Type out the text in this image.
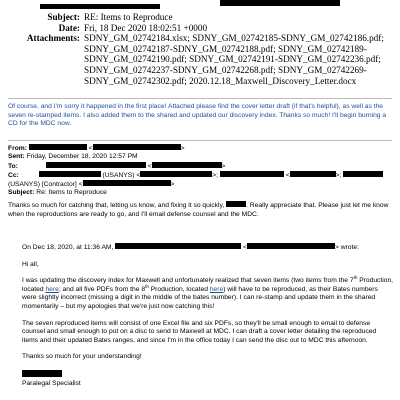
Subject: RE: Items to Reproduce
Date: Fri, 18 Dec 2020 18:02:51 +0000
Attachments: SDNY_GM_02742184.xlsx; SDNY_GM_02742185-SDNY_GM_02742186.pdf;
SDNY_GM_02742187-SDNY_GM_02742188.pdf; SDNY_GM_02742189-
SDNY_GM_02742190.pdf; SDNY_GM_02742191-SDNY_GM_02742236.pdf;
SDNY_GM_02742237-SDNY_GM_02742268.pdf; SDNY_GM_02742269-
SDNY_GM_02742302.pdf; 2020.12.18_Maxwell_Discovery_Letter.docx
Of course, and I'm sorry it happened in the first place! Attached please find the cover letter draft (if that's helpful), as well as the seven re-stamped items. I also added them to the shared and updated our discovery index. Thanks so much! I'll begin burning a CD for the MDC now.
From:	<	>
Sent: Friday, December 18, 2020 12:57 PM
To:	<	>
Cc:	(USANYS) <	>;	<	>;
(USANYS) [Contractor] <	>
Subject: Re: Items to Reproduce
Thanks so much for catching that, letting us know, and fixing it so quickly,	. Really appreciate that. Please just let me know when the reproductions are ready to go, and I'll email defense counsel and the MDC.

On Dec 18, 2020, at 11:36 AM,	<	> wrote:

Hi all,

I was updating the discovery index for Maxwell and unfortunately realized that seven items (two items from the 7th Production, located here; and all five PDFs from the 8th Production, located here) will have to be reproduced, as their Bates numbers were slightly incorrect (missing a digit in the middle of the bates number). I can re-stamp and update them in the shared momentarily – but my apologies that we're just now catching this!

The seven reproduced items will consist of one Excel file and six PDFs, so they'll be small enough to email to defense counsel and small enough to put on a disc to send to Maxwell at MDC. I can draft a cover letter detailing the reproduced items and their updated Bates ranges, and since I'm in the office today I can send the disc out to MDC this afternoon.

Thanks so much for your understanding!

Paralegal Specialist
